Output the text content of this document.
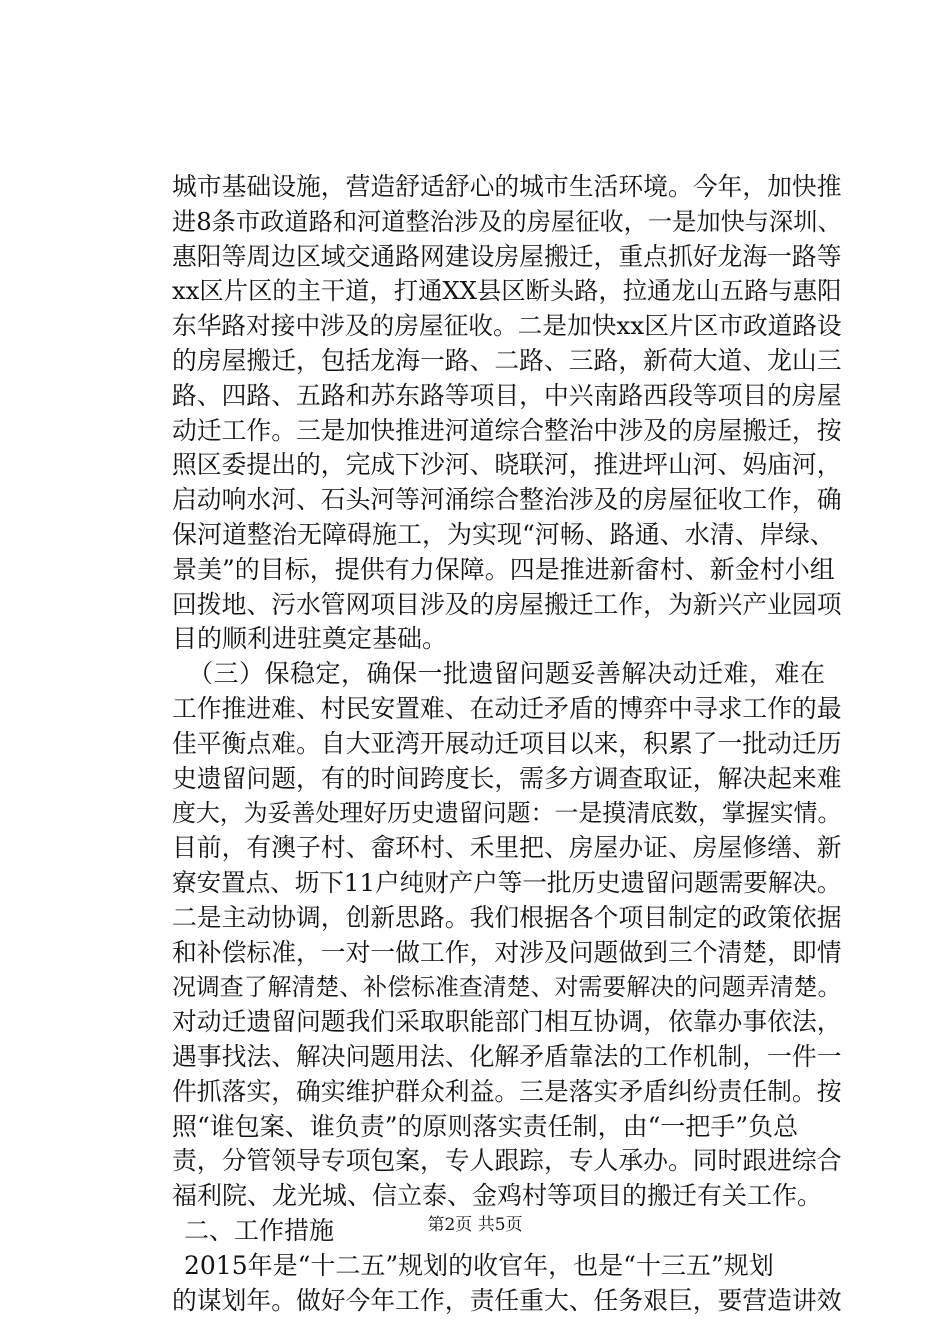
城市基础设施，营造舒适舒心的城市生活环境。今年，加快推
进8条市政道路和河道整治涉及的房屋征收，一是加快与深圳、
惠阳等周边区域交通路网建设房屋搬迁，重点抓好龙海一路等
xx区片区的主干道，打通XX县区断头路，拉通龙山五路与惠阳
东华路对接中涉及的房屋征收。二是加快xx区片区市政道路设
的房屋搬迁，包括龙海一路、二路、三路，新荷大道、龙山三
路、四路、五路和苏东路等项目，中兴南路西段等项目的房屋
动迁工作。三是加快推进河道综合整治中涉及的房屋搬迁，按
照区委提出的，完成下沙河、晓联河，推进坪山河、妈庙河，
启动响水河、石头河等河涌综合整治涉及的房屋征收工作，确
保河道整治无障碍施工，为实现“河畅、路通、水清、岸绿、
景美”的目标，提供有力保障。四是推进新畲村、新金村小组
回拨地、污水管网项目涉及的房屋搬迁工作，为新兴产业园项
目的顺利进驻奠定基础。
（三）保稳定，确保一批遗留问题妥善解决动迁难，难在
工作推进难、村民安置难、在动迁矛盾的博弈中寻求工作的最
佳平衡点难。自大亚湾开展动迁项目以来，积累了一批动迁历
史遗留问题，有的时间跨度长，需多方调查取证，解决起来难
度大，为妥善处理好历史遗留问题：一是摸清底数，掌握实情。
目前，有澳子村、畲环村、禾里把、房屋办证、房屋修缮、新
寮安置点、坜下11户纯财产户等一批历史遗留问题需要解决。
二是主动协调，创新思路。我们根据各个项目制定的政策依据
和补偿标准，一对一做工作，对涉及问题做到三个清楚，即情
况调查了解清楚、补偿标准查清楚、对需要解决的问题弄清楚。
对动迁遗留问题我们采取职能部门相互协调，依靠办事依法，
遇事找法、解决问题用法、化解矛盾靠法的工作机制，一件一
件抓落实，确实维护群众利益。三是落实矛盾纠纷责任制。按
照“谁包案、谁负责”的原则落实责任制，由“一把手”负总
责，分管领导专项包案，专人跟踪，专人承办。同时跟进综合
福利院、龙光城、信立泰、金鸡村等项目的搬迁有关工作。
二、工作措施
2015年是“十二五”规划的收官年，也是“十三五”规划
的谋划年。做好今年工作，责任重大、任务艰巨，要营造讲效
第2页 共5页
